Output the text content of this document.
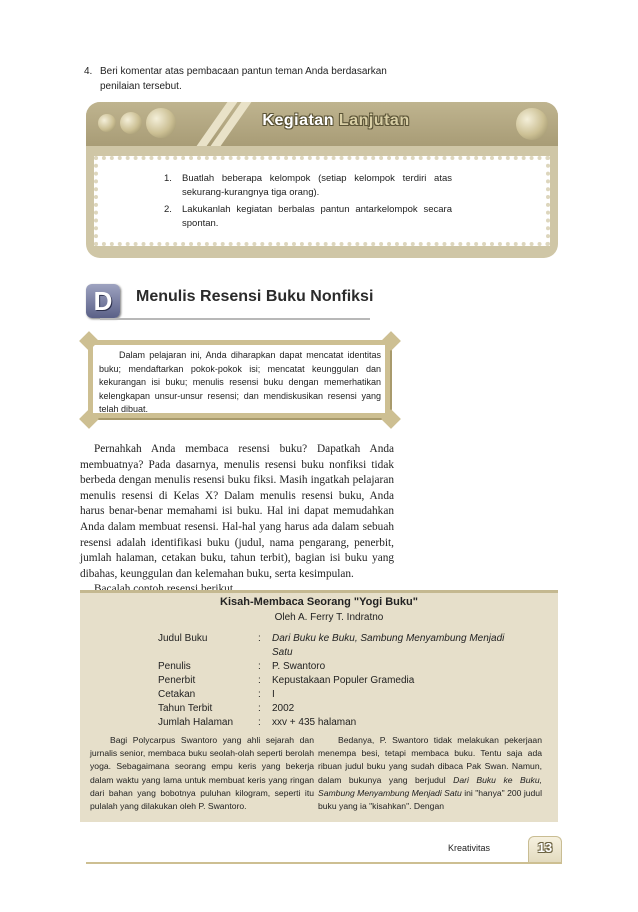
4. Beri komentar atas pembacaan pantun teman Anda berdasarkan penilaian tersebut.
Kegiatan Lanjutan
1. Buatlah beberapa kelompok (setiap kelompok terdiri atas sekurang-kurangnya tiga orang).
2. Lakukanlah kegiatan berbalas pantun antarkelompok secara spontan.
D Menulis Resensi Buku Nonfiksi

Dalam pelajaran ini, Anda diharapkan dapat mencatat identitas buku; mendaftarkan pokok-pokok isi; mencatat keunggulan dan kekurangan isi buku; menulis resensi buku dengan memerhatikan kelengkapan unsur-unsur resensi; dan mendiskusikan resensi yang telah dibuat.

Pernahkah Anda membaca resensi buku? Dapatkah Anda membuatnya? Pada dasarnya, menulis resensi buku nonfiksi tidak berbeda dengan menulis resensi buku fiksi. Masih ingatkah pelajaran menulis resensi di Kelas X? Dalam menulis resensi buku, Anda harus benar-benar memahami isi buku. Hal ini dapat memudahkan Anda dalam membuat resensi. Hal-hal yang harus ada dalam sebuah resensi adalah identifikasi buku (judul, nama pengarang, penerbit, jumlah halaman, cetakan buku, tahun terbit), bagian isi buku yang dibahas, keunggulan dan kelemahan buku, serta kesimpulan.

Kisah-Membaca Seorang "Yogi Buku"
Oleh A. Ferry T. Indratno
Judul Buku	:	Dari Buku ke Buku, Sambung Menyambung Menjadi Satu
Penulis	:	P. Swantoro
Penerbit	:	Kepustakaan Populer Gramedia
Cetakan	:	I
Tahun Terbit	:	2002
Jumlah Halaman	:	xxv + 435 halaman

Bagi Polycarpus Swantoro yang ahli sejarah dan jurnalis senior, membaca buku seolah-olah seperti berolah yoga. Sebagaimana seorang empu keris yang bekerja dalam waktu yang lama untuk membuat keris yang ringan dari bahan yang bobotnya puluhan kilogram, seperti itu pulalah yang dilakukan oleh P. Swantoro.

Bedanya, P. Swantoro tidak melakukan pekerjaan menempa besi, tetapi membaca buku. Tentu saja ada ribuan judul buku yang sudah dibaca Pak Swan. Namun, dalam bukunya yang berjudul Dari Buku ke Buku, Sambung Menyambung Menjadi Satu ini "hanya" 200 judul buku yang ia "kisahkan". Dengan

Kreativitas	13
